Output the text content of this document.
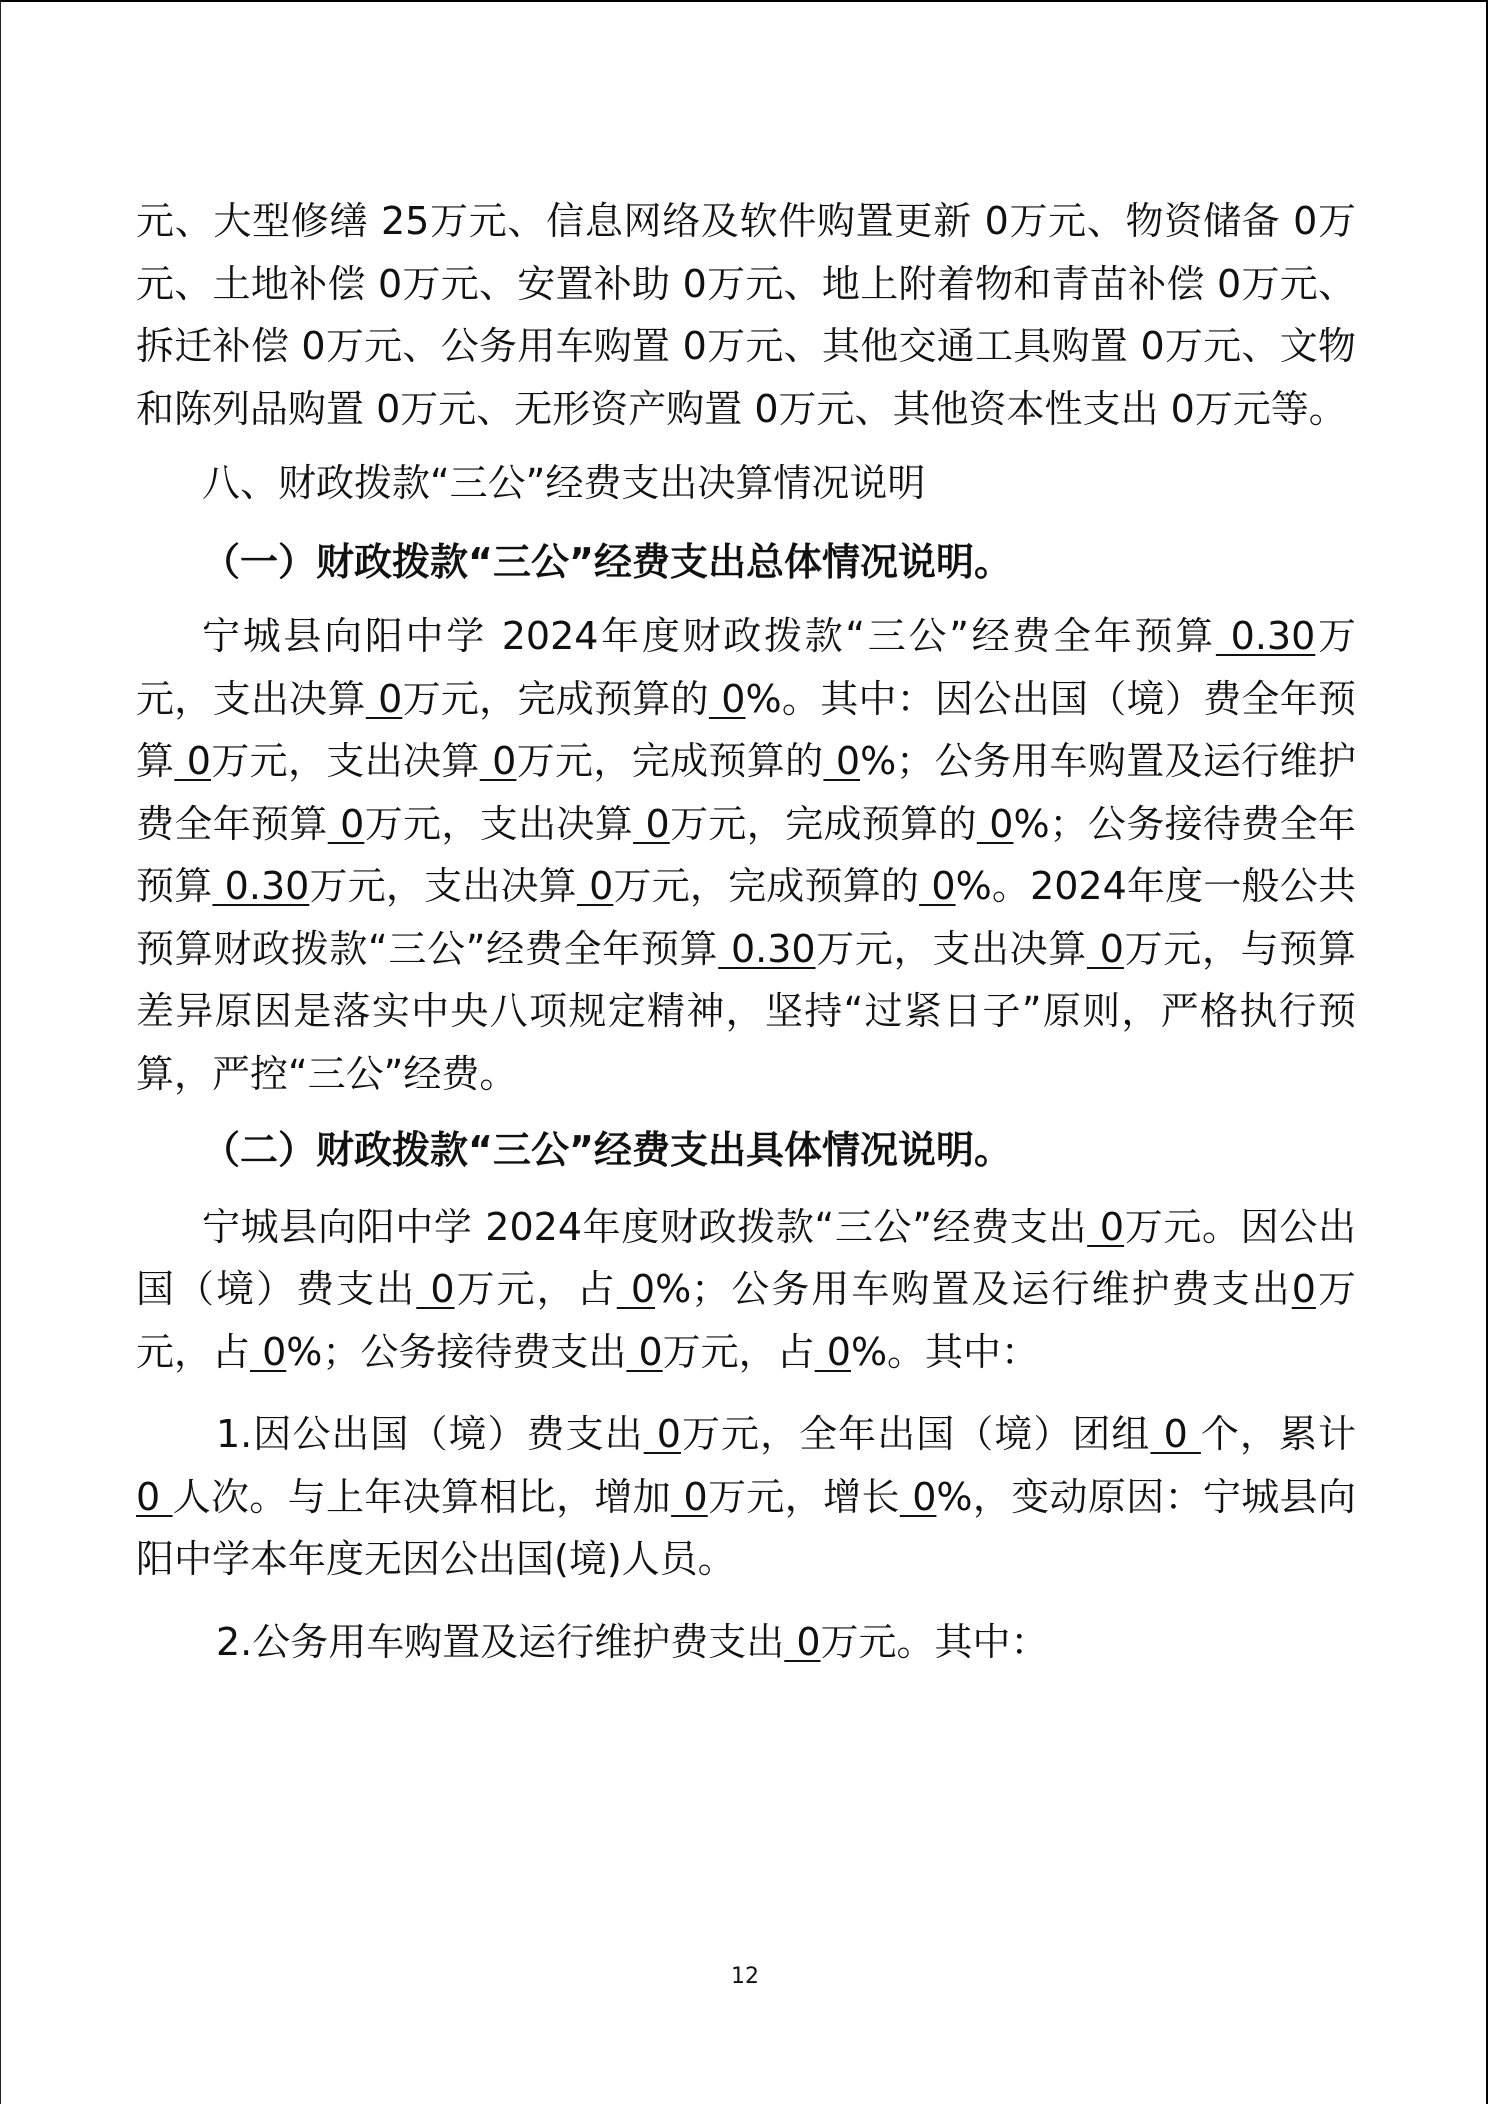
元、大型修缮 25万元、信息网络及软件购置更新 0万元、物资储备 0万元、土地补偿 0万元、安置补助 0万元、地上附着物和青苗补偿 0万元、拆迁补偿 0万元、公务用车购置 0万元、其他交通工具购置 0万元、文物和陈列品购置 0万元、无形资产购置 0万元、其他资本性支出 0万元等。

八、财政拨款“三公”经费支出决算情况说明

（一）财政拨款“三公”经费支出总体情况说明。

宁城县向阳中学 2024年度财政拨款“三公”经费全年预算 0.30万元，支出决算 0万元，完成预算的 0%。其中：因公出国（境）费全年预算 0万元，支出决算 0万元，完成预算的 0%；公务用车购置及运行维护费全年预算 0万元，支出决算 0万元，完成预算的 0%；公务接待费全年预算 0.30万元，支出决算 0万元，完成预算的 0%。2024年度一般公共预算财政拨款“三公”经费全年预算 0.30万元，支出决算 0万元，与预算差异原因是落实中央八项规定精神，坚持“过紧日子”原则，严格执行预算，严控“三公”经费。

（二）财政拨款“三公”经费支出具体情况说明。

宁城县向阳中学 2024年度财政拨款“三公”经费支出 0万元。因公出国（境）费支出 0万元，占 0%；公务用车购置及运行维护费支出0万元，占 0%；公务接待费支出 0万元，占 0%。其中：

1.因公出国（境）费支出 0万元，全年出国（境）团组 0 个，累计 0 人次。与上年决算相比，增加 0万元，增长 0%，变动原因：宁城县向阳中学本年度无因公出国(境)人员。

2.公务用车购置及运行维护费支出 0万元。其中：

12
